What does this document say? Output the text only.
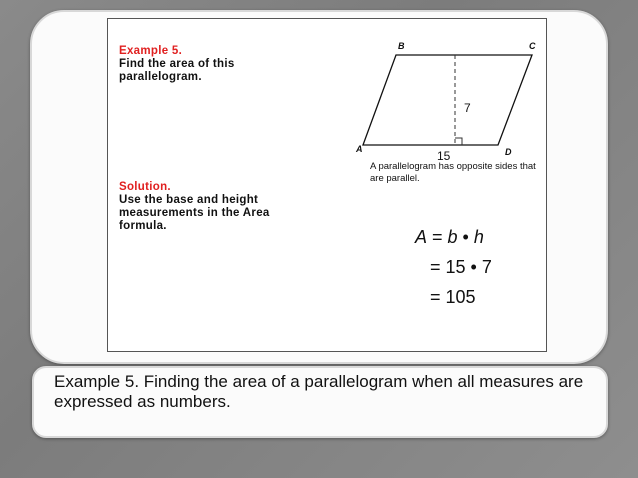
Example 5.
Find the area of this parallelogram.
B	C
A	D
7
15
A parallelogram has opposite sides that are parallel.
Solution.
Use the base and height measurements in the Area formula.
A = b • h
= 15 • 7
= 105
Example 5. Finding the area of a parallelogram when all measures are expressed as numbers.
